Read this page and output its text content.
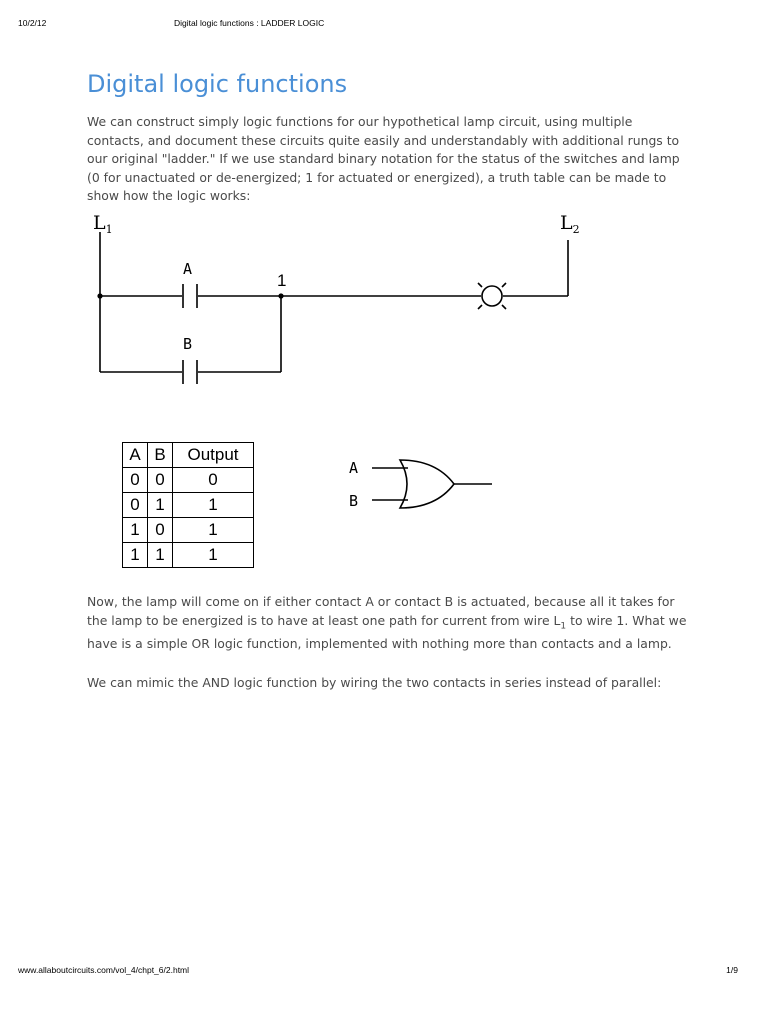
10/2/12	Digital logic functions : LADDER LOGIC
Digital logic functions

We can construct simply logic functions for our hypothetical lamp circuit, using multiple contacts, and document these circuits quite easily and understandably with additional rungs to our original "ladder." If we use standard binary notation for the status of the switches and lamp (0 for unactuated or de-energized; 1 for actuated or energized), a truth table can be made to show how the logic works:

$L_1$	$L_2$
A
B
1
A	B	Output
0	0	0
0	1	1
1	0	1
1	1	1
A
B

Now, the lamp will come on if either contact A or contact B is actuated, because all it takes for the lamp to be energized is to have at least one path for current from wire $L_1$ to wire 1. What we have is a simple OR logic function, implemented with nothing more than contacts and a lamp.

We can mimic the AND logic function by wiring the two contacts in series instead of parallel:

www.allaboutcircuits.com/vol_4/chpt_6/2.html	1/9
